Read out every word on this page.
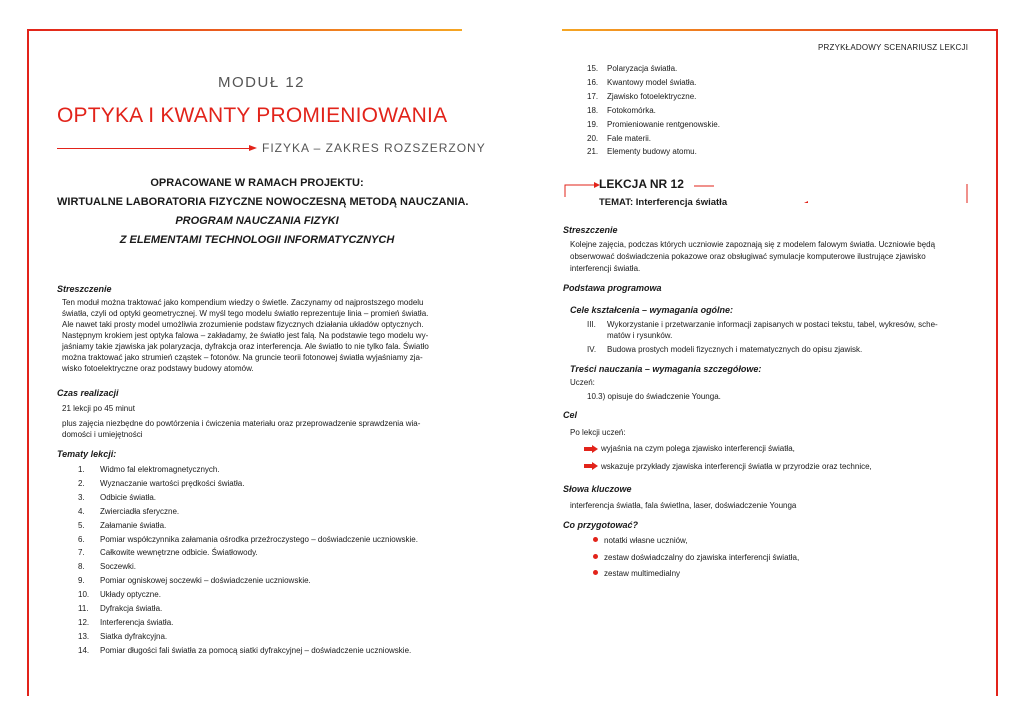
MODUŁ 12
OPTYKA I KWANTY PROMIENIOWANIA
FIZYKA – ZAKRES ROZSZERZONY
OPRACOWANE W RAMACH PROJEKTU:
WIRTUALNE LABORATORIA FIZYCZNE NOWOCZESNĄ METODĄ NAUCZANIA.
PROGRAM NAUCZANIA FIZYKI
Z ELEMENTAMI TECHNOLOGII INFORMATYCZNYCH
Streszczenie
Ten moduł można traktować jako kompendium wiedzy o świetle. Zaczynamy od najprostszego modelu
światła, czyli od optyki geometrycznej. W myśl tego modelu światło reprezentuje linia – promień światła.
Ale nawet taki prosty model umożliwia zrozumienie podstaw fizycznych działania układów optycznych.
Następnym krokiem jest optyka falowa – zakładamy, że światło jest falą. Na podstawie tego modelu wy-
jaśniamy takie zjawiska jak polaryzacja, dyfrakcja oraz interferencja. Ale światło to nie tylko fala. Światło
można traktować jako strumień cząstek – fotonów. Na gruncie teorii fotonowej światła wyjaśniamy zja-
wisko fotoelektryczne oraz podstawy budowy atomów.
Czas realizacji
21 lekcji po 45 minut
plus zajęcia niezbędne do powtórzenia i ćwiczenia materiału oraz przeprowadzenie sprawdzenia wia-
domości i umiejętności
Tematy lekcji:
1. Widmo fal elektromagnetycznych.
2. Wyznaczanie wartości prędkości światła.
3. Odbicie światła.
4. Zwierciadła sferyczne.
5. Załamanie światła.
6. Pomiar współczynnika załamania ośrodka przeźroczystego – doświadczenie uczniowskie.
7. Całkowite wewnętrzne odbicie. Światłowody.
8. Soczewki.
9. Pomiar ogniskowej soczewki – doświadczenie uczniowskie.
10. Układy optyczne.
11. Dyfrakcja światła.
12. Interferencja światła.
13. Siatka dyfrakcyjna.
14. Pomiar długości fali światła za pomocą siatki dyfrakcyjnej – doświadczenie uczniowskie.
PRZYKŁADOWY SCENARIUSZ LEKCJI
15. Polaryzacja światła.
16. Kwantowy model światła.
17. Zjawisko fotoelektryczne.
18. Fotokomórka.
19. Promieniowanie rentgenowskie.
20. Fale materii.
21. Elementy budowy atomu.
LEKCJA NR 12
TEMAT: Interferencja światła
Streszczenie
Kolejne zajęcia, podczas których uczniowie zapoznają się z modelem falowym światła. Uczniowie będą
obserwować doświadczenia pokazowe oraz obsługiwać symulacje komputerowe ilustrujące zjawisko
interferencji światła.
Podstawa programowa
Cele kształcenia – wymagania ogólne:
III. Wykorzystanie i przetwarzanie informacji zapisanych w postaci tekstu, tabel, wykresów, sche-
matów i rysunków.
IV. Budowa prostych modeli fizycznych i matematycznych do opisu zjawisk.
Treści nauczania – wymagania szczegółowe:
Uczeń:
10.3) opisuje do świadczenie Younga.
Cel
Po lekcji uczeń:
wyjaśnia na czym polega zjawisko interferencji światła,
wskazuje przykłady zjawiska interferencji światła w przyrodzie oraz technice,
Słowa kluczowe
interferencja światła, fala świetlna, laser, doświadczenie Younga
Co przygotować?
notatki własne uczniów,
zestaw doświadczalny do zjawiska interferencji światła,
zestaw multimedialny
